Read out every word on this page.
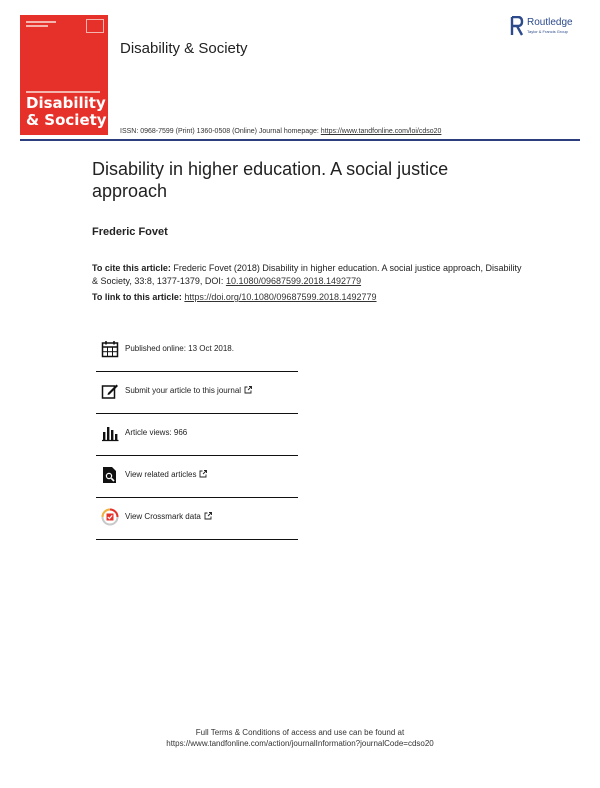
Disability
& Society
Disability & Society
ISSN: 0968-7599 (Print) 1360-0508 (Online) Journal homepage: https://www.tandfonline.com/loi/cdso20
Routledge
Taylor & Francis Group
Disability in higher education. A social justice approach
Frederic Fovet
To cite this article: Frederic Fovet (2018) Disability in higher education. A social justice approach, Disability & Society, 33:8, 1377-1379, DOI: 10.1080/09687599.2018.1492779
To link to this article: https://doi.org/10.1080/09687599.2018.1492779
Published online: 13 Oct 2018.
Submit your article to this journal
Article views: 966
View related articles
View Crossmark data
Full Terms & Conditions of access and use can be found at
https://www.tandfonline.com/action/journalInformation?journalCode=cdso20
